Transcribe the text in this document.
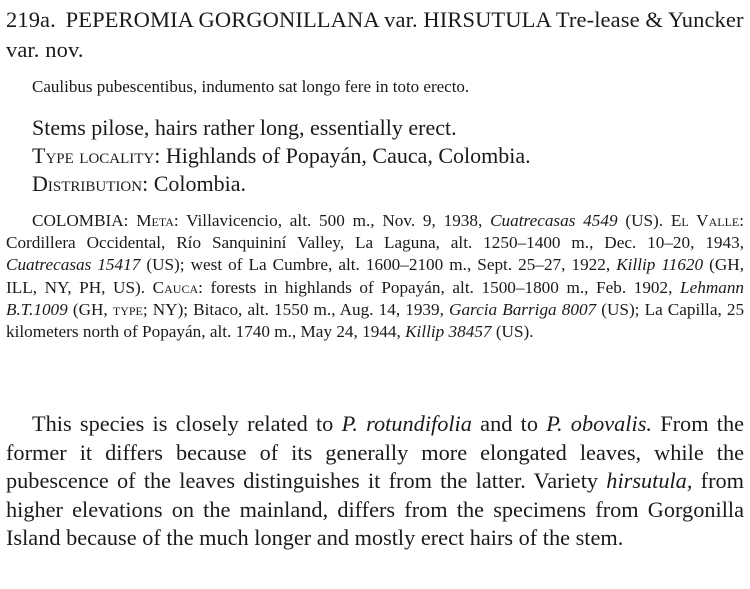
219a. PEPEROMIA GORGONILLANA var. HIRSUTULA Tre-lease & Yuncker var. nov.
Caulibus pubescentibus, indumento sat longo fere in toto erecto.

Stems pilose, hairs rather long, essentially erect.

Type locality: Highlands of Popayán, Cauca, Colombia.

Distribution: Colombia.

COLOMBIA: Meta: Villavicencio, alt. 500 m., Nov. 9, 1938, Cuatrecasas 4549 (US). El Valle: Cordillera Occidental, Río Sanquininí Valley, La Laguna, alt. 1250–1400 m., Dec. 10–20, 1943, Cuatrecasas 15417 (US); west of La Cumbre, alt. 1600–2100 m., Sept. 25–27, 1922, Killip 11620 (GH, ILL, NY, PH, US). Cauca: forests in highlands of Popayán, alt. 1500–1800 m., Feb. 1902, Lehmann B.T.1009 (GH, type; NY); Bitaco, alt. 1550 m., Aug. 14, 1939, Garcia Barriga 8007 (US); La Capilla, 25 kilometers north of Popayán, alt. 1740 m., May 24, 1944, Killip 38457 (US).
This species is closely related to P. rotundifolia and to P. obovalis. From the former it differs because of its generally more elongated leaves, while the pubescence of the leaves distinguishes it from the latter. Variety hirsutula, from higher elevations on the mainland, differs from the specimens from Gorgonilla Island because of the much longer and mostly erect hairs of the stem.
